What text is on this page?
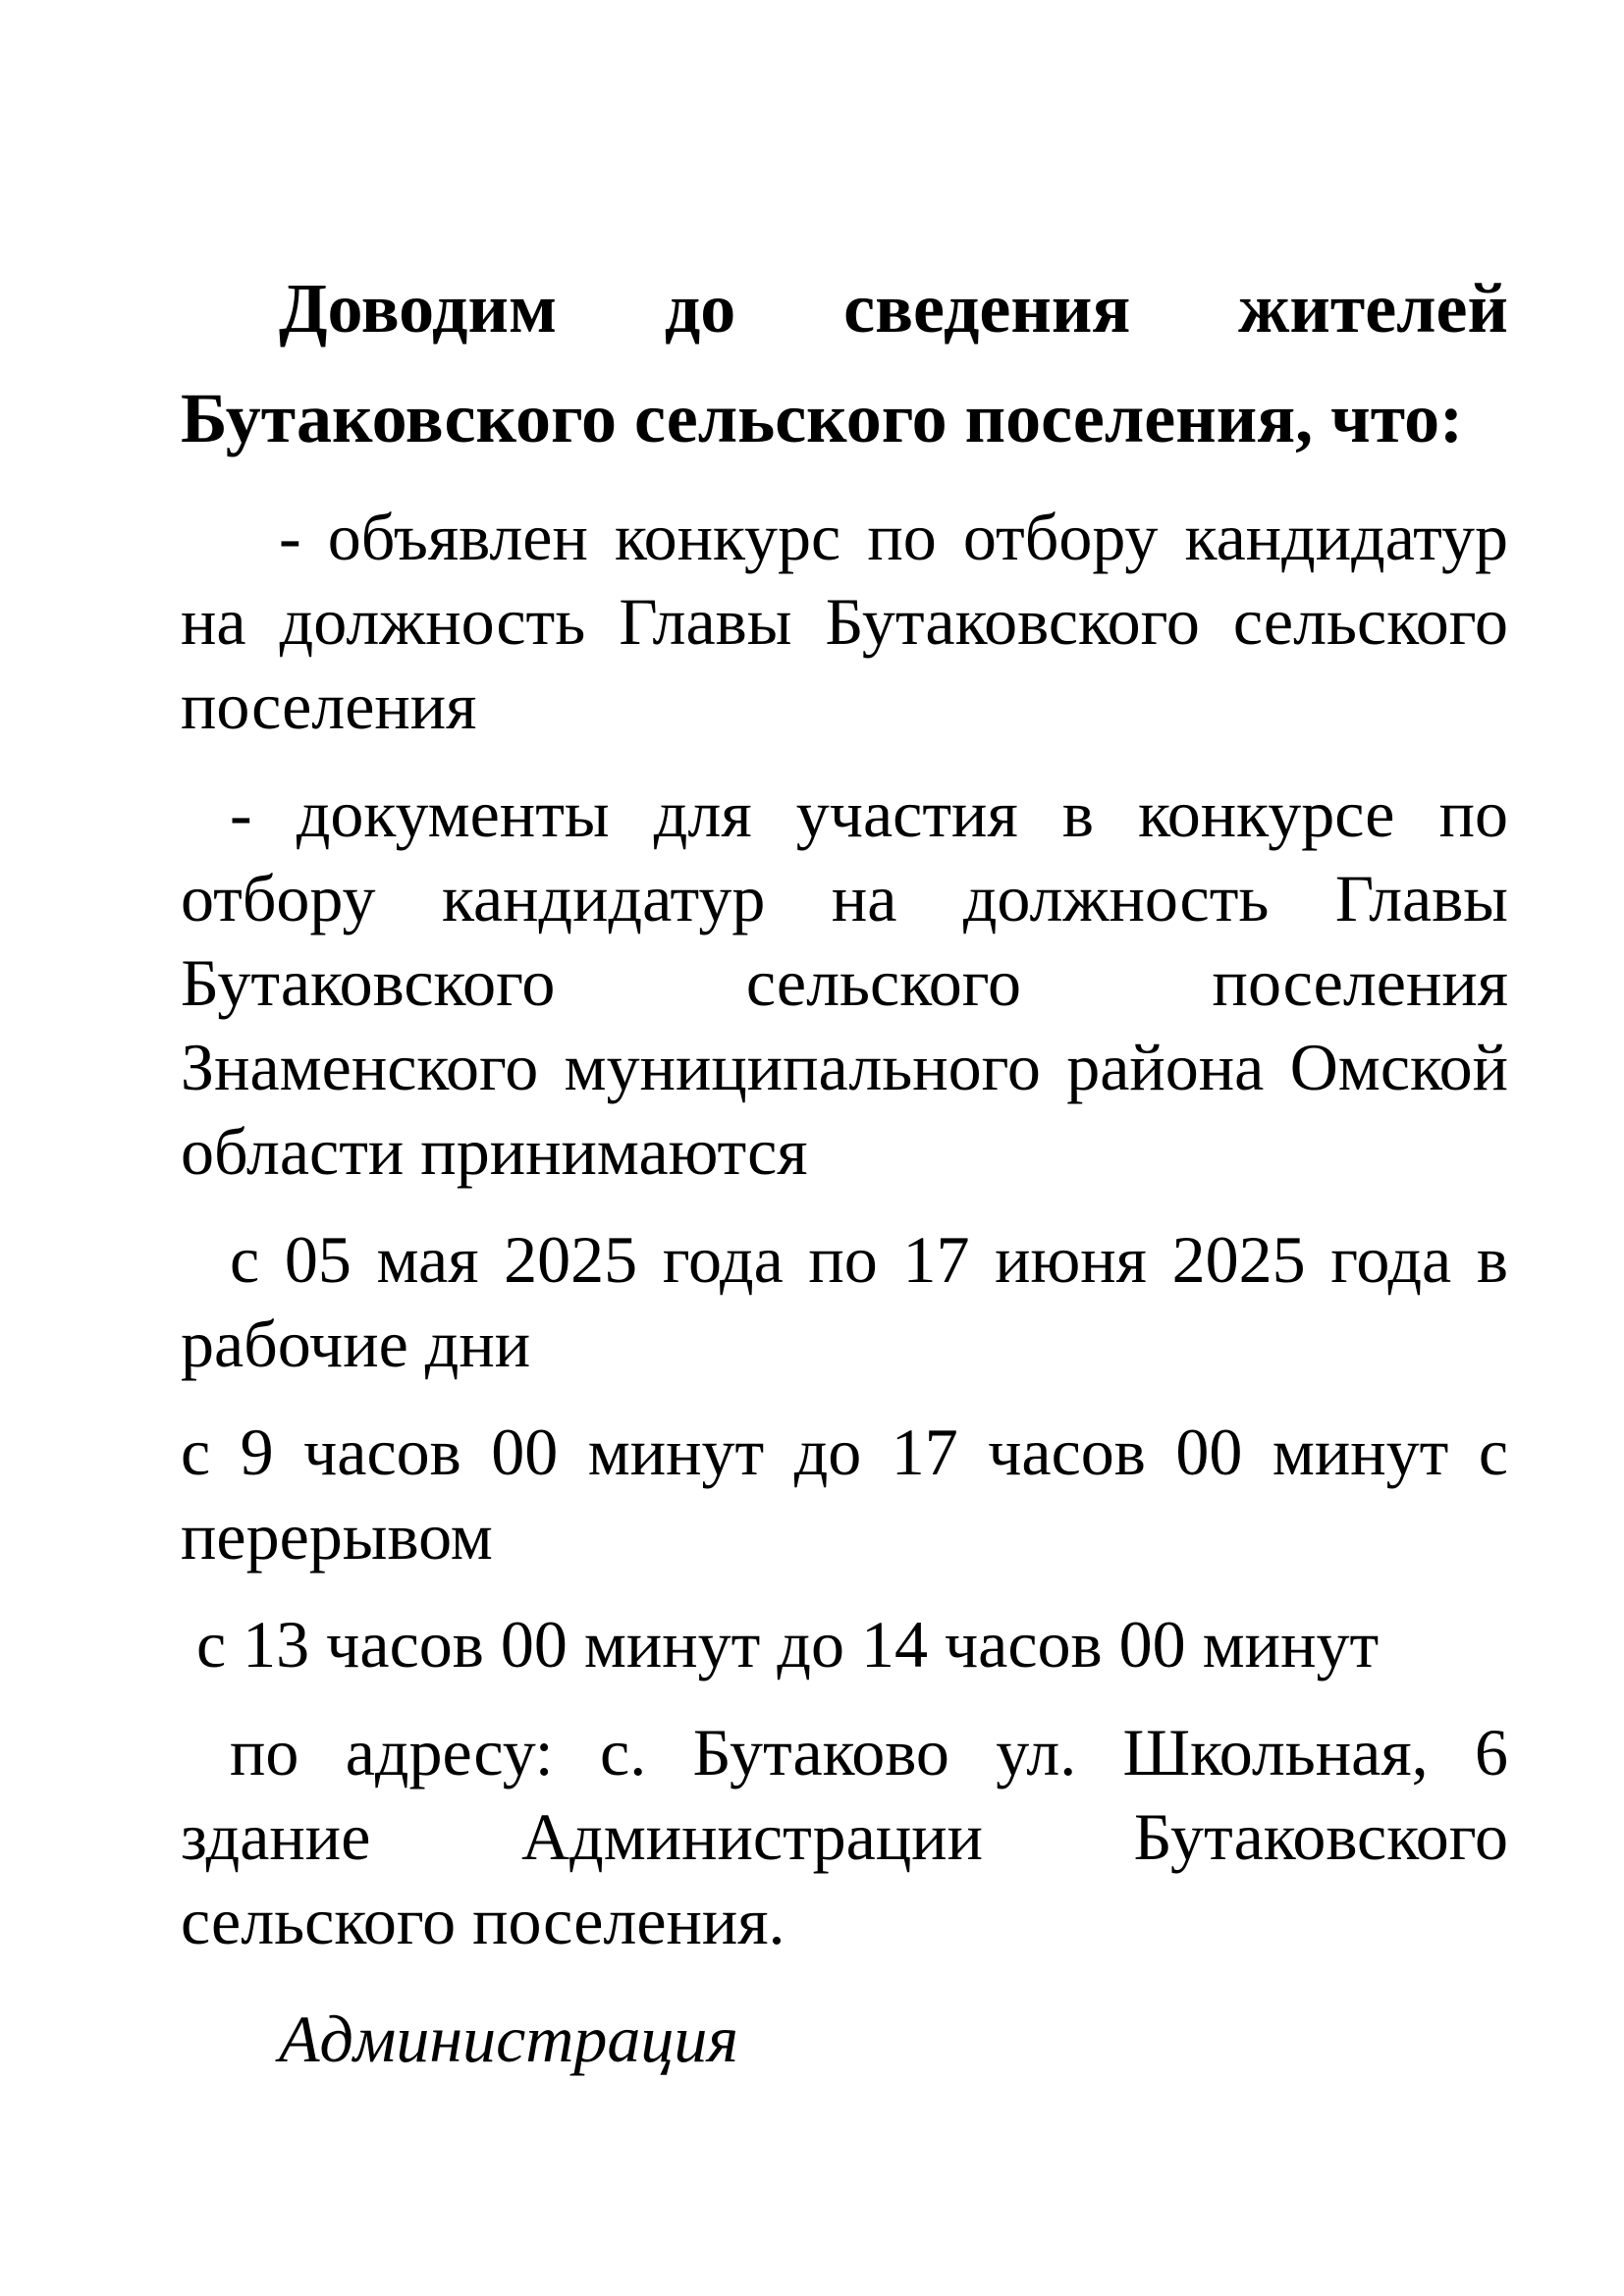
Доводим до сведения жителей Бутаковского сельского поселения, что:

- объявлен конкурс по отбору кандидатур на должность Главы Бутаковского сельского поселения

- документы для участия в конкурсе по отбору кандидатур на должность Главы Бутаковского сельского поселения Знаменского муниципального района Омской области принимаются

с 05 мая 2025 года по 17 июня 2025 года в рабочие дни

с 9 часов 00 минут до 17 часов 00 минут с перерывом

с 13 часов 00 минут до 14 часов 00 минут

по адресу: с. Бутаково ул. Школьная, 6 здание Администрации Бутаковского сельского поселения.

Администрация
